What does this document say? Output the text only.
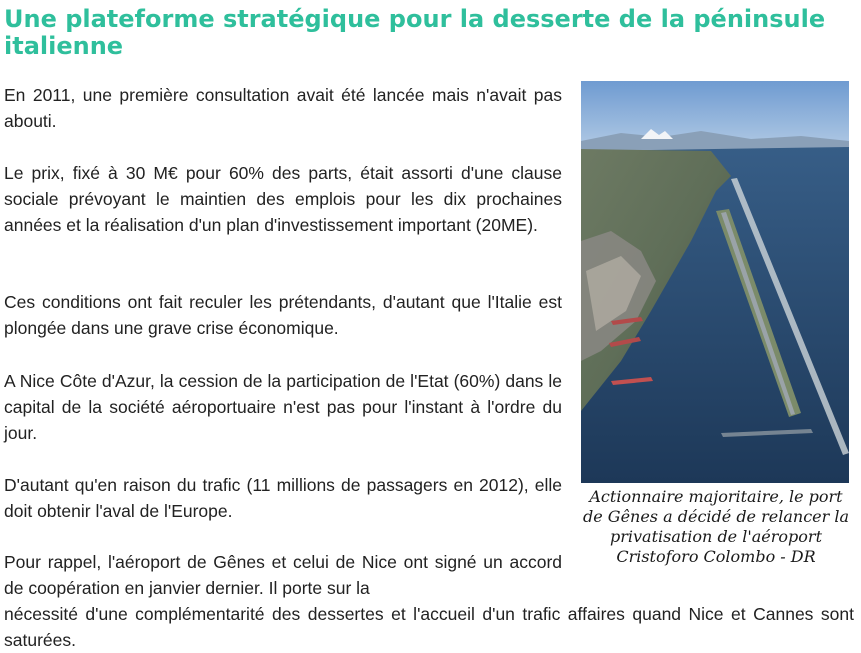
Une plateforme stratégique pour la desserte de la péninsule italienne

Actionnaire majoritaire, le port de Gênes a décidé de relancer la privatisation de l'aéroport Cristoforo Colombo - DR

En 2011, une première consultation avait été lancée mais n'avait pas abouti.

Le prix, fixé à 30 M€ pour 60% des parts, était assorti d'une clause sociale prévoyant le maintien des emplois pour les dix prochaines années et la réalisation d'un plan d'investissement important (20ME).

Ces conditions ont fait reculer les prétendants, d'autant que l'Italie est plongée dans une grave crise économique.

A Nice Côte d'Azur, la cession de la participation de l'Etat (60%) dans le capital de la société aéroportuaire n'est pas pour l'instant à l'ordre du jour.

D'autant qu'en raison du trafic (11 millions de passagers en 2012), elle doit obtenir l'aval de l'Europe.

Pour rappel, l'aéroport de Gênes et celui de Nice ont signé un accord de coopération en janvier dernier. Il porte sur la

nécessité d'une complémentarité des dessertes et l'accueil d'un trafic affaires quand Nice et Cannes sont saturées.
